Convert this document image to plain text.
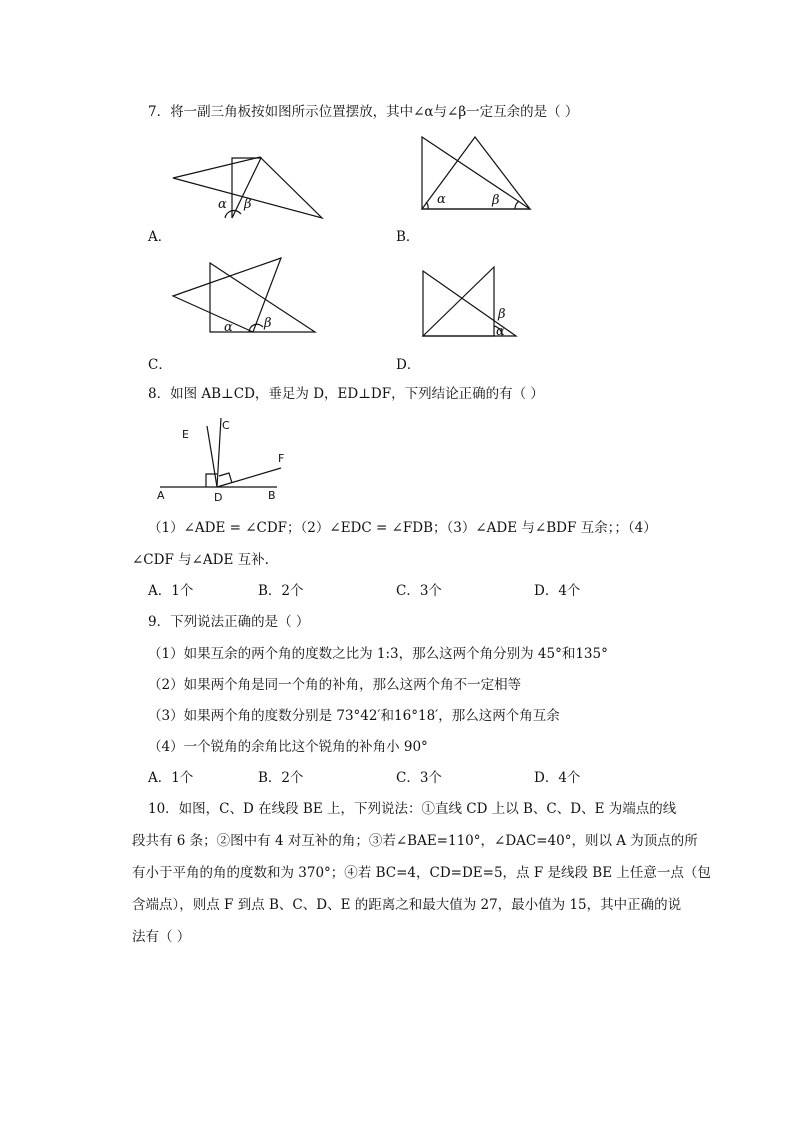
7．将一副三角板按如图所示位置摆放，其中∠α与∠β一定互余的是（ ）
α β
A．
α	β
B．
α β
C．
β
α
D．
8．如图 AB⊥CD，垂足为 D，ED⊥DF，下列结论正确的有（ ）
A	B
C
D
E
F
（1）∠ADE = ∠CDF；（2）∠EDC = ∠FDB；（3）∠ADE 与∠BDF 互余；；（4）
∠CDF 与∠ADE 互补.
A．1个	B．2个	C．3个	D．4个
9．下列说法正确的是（ ）
（1）如果互余的两个角的度数之比为 1:3，那么这两个角分别为 45°和135°
（2）如果两个角是同一个角的补角，那么这两个角不一定相等
（3）如果两个角的度数分别是 73°42′和16°18′，那么这两个角互余
（4）一个锐角的余角比这个锐角的补角小 90°
A．1个	B．2个	C．3个	D．4个
10．如图，C、D 在线段 BE 上，下列说法：①直线 CD 上以 B、C、D、E 为端点的线
段共有 6 条；②图中有 4 对互补的角；③若∠BAE=110°，∠DAC=40°，则以 A 为顶点的所
有小于平角的角的度数和为 370°；④若 BC=4，CD=DE=5，点 F 是线段 BE 上任意一点（包
含端点），则点 F 到点 B、C、D、E 的距离之和最大值为 27，最小值为 15，其中正确的说
法有（ ）
